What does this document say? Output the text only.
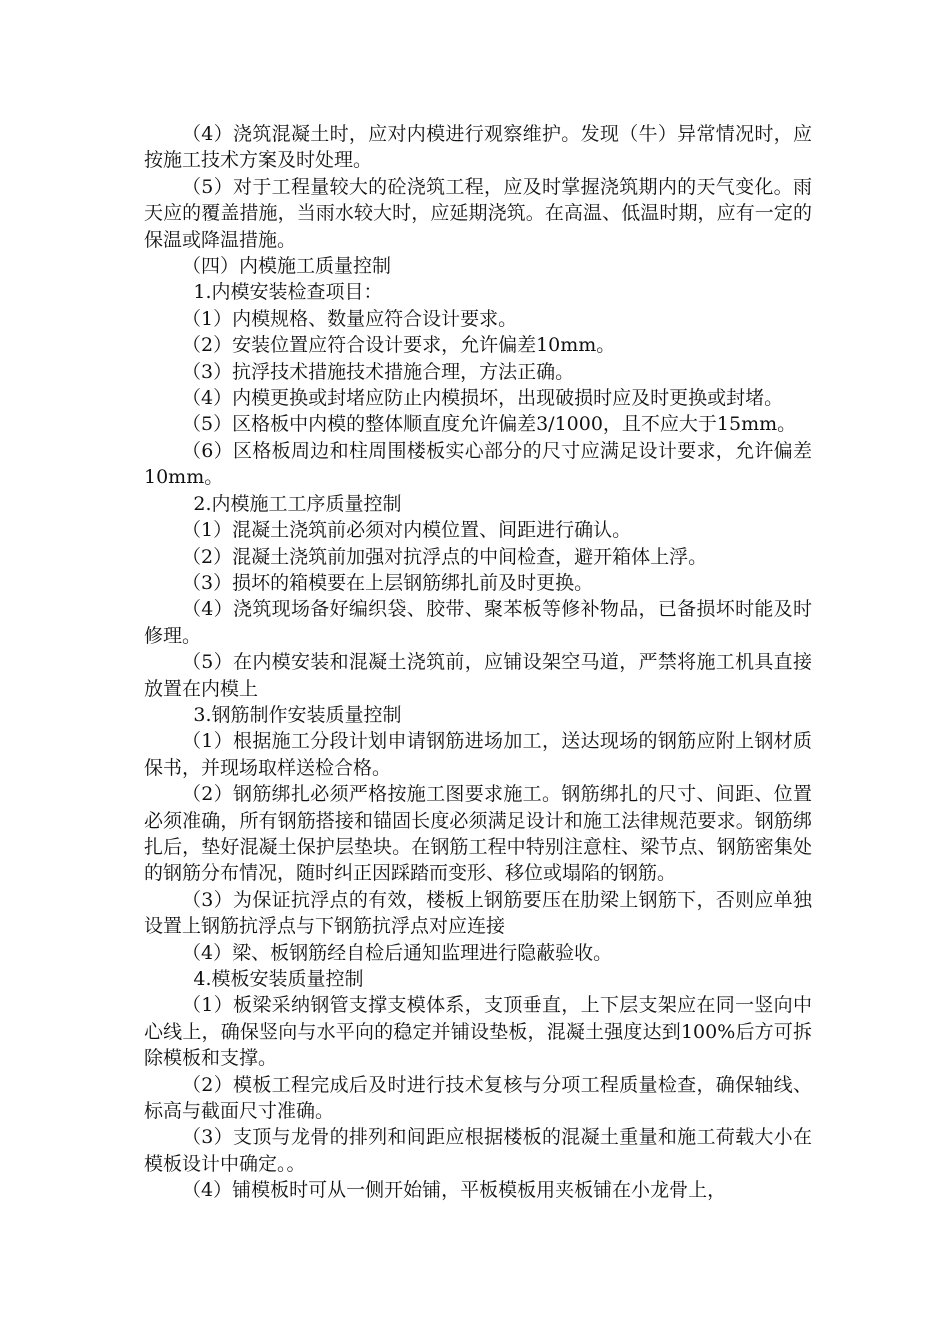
（4）浇筑混凝土时，应对内模进行观察维护。发现（牛）异常情况时，应按施工技术方案及时处理。

（5）对于工程量较大的砼浇筑工程，应及时掌握浇筑期内的天气变化。雨天应的覆盖措施，当雨水较大时，应延期浇筑。在高温、低温时期，应有一定的保温或降温措施。

（四）内模施工质量控制

1.内模安装检查项目：

（1）内模规格、数量应符合设计要求。

（2）安装位置应符合设计要求，允许偏差10mm。

（3）抗浮技术措施技术措施合理，方法正确。

（4）内模更换或封堵应防止内模损坏，出现破损时应及时更换或封堵。

（5）区格板中内模的整体顺直度允许偏差3/1000，且不应大于15mm。

（6）区格板周边和柱周围楼板实心部分的尺寸应满足设计要求，允许偏差10mm。

2.内模施工工序质量控制

（1）混凝土浇筑前必须对内模位置、间距进行确认。

（2）混凝土浇筑前加强对抗浮点的中间检查，避开箱体上浮。

（3）损坏的箱模要在上层钢筋绑扎前及时更换。

（4）浇筑现场备好编织袋、胶带、聚苯板等修补物品，已备损坏时能及时修理。

（5）在内模安装和混凝土浇筑前，应铺设架空马道，严禁将施工机具直接放置在内模上

3.钢筋制作安装质量控制

（1）根据施工分段计划申请钢筋进场加工，送达现场的钢筋应附上钢材质保书，并现场取样送检合格。

（2）钢筋绑扎必须严格按施工图要求施工。钢筋绑扎的尺寸、间距、位置必须准确，所有钢筋搭接和锚固长度必须满足设计和施工法律规范要求。钢筋绑扎后，垫好混凝土保护层垫块。在钢筋工程中特别注意柱、梁节点、钢筋密集处的钢筋分布情况，随时纠正因踩踏而变形、移位或塌陷的钢筋。

（3）为保证抗浮点的有效，楼板上钢筋要压在肋梁上钢筋下，否则应单独设置上钢筋抗浮点与下钢筋抗浮点对应连接

（4）梁、板钢筋经自检后通知监理进行隐蔽验收。

4.模板安装质量控制

（1）板梁采纳钢管支撑支模体系，支顶垂直，上下层支架应在同一竖向中心线上，确保竖向与水平向的稳定并铺设垫板，混凝土强度达到100%后方可拆除模板和支撑。

（2）模板工程完成后及时进行技术复核与分项工程质量检查，确保轴线、标高与截面尺寸准确。

（3）支顶与龙骨的排列和间距应根据楼板的混凝土重量和施工荷载大小在模板设计中确定。。

（4）铺模板时可从一侧开始铺，平板模板用夹板铺在小龙骨上，
